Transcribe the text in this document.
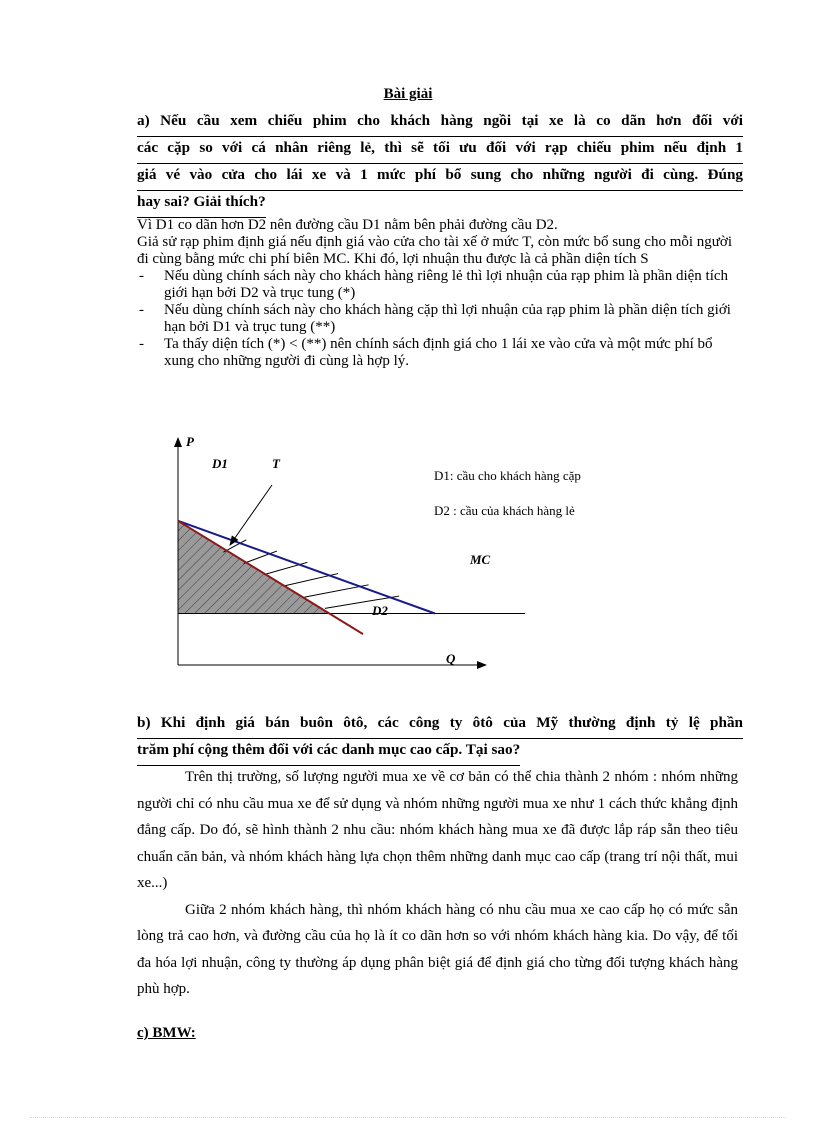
Bài giải
a) Nếu cầu xem chiếu phim cho khách hàng ngồi tại xe là co dãn hơn đối với
các cặp so với cá nhân riêng lẻ, thì sẽ tối ưu đối với rạp chiếu phim nếu định 1
giá vé vào cửa cho lái xe và 1 mức phí bổ sung cho những người đi cùng. Đúng
hay sai? Giải thích?

Vì D1 co dãn hơn D2 nên đường cầu D1 nằm bên phải đường cầu D2.

Giả sử rạp phim định giá nếu định giá vào cửa cho tài xế ở mức T, còn mức bổ sung cho mỗi người đi cùng bằng mức chi phí biên MC. Khi đó, lợi nhuận thu được là cả phần diện tích S

- Nếu dùng chính sách này cho khách hàng riêng lẻ thì lợi nhuận của rạp phim là phần diện tích giới hạn bởi D2 và trục tung (*)
- Nếu dùng chính sách này cho khách hàng cặp thì lợi nhuận của rạp phim là phần diện tích giới hạn bởi D1 và trục tung (**)
- Ta thấy diện tích (*) < (**) nên chính sách định giá cho 1 lái xe vào cửa và một mức phí bổ xung cho những người đi cùng là hợp lý.
P
Q
D1	T
MC
D2
D1: cầu cho khách hàng cặp
D2 : cầu của khách hàng lẻ
b) Khi định giá bán buôn ôtô, các công ty ôtô của Mỹ thường định tỷ lệ phần
trăm phí cộng thêm đối với các danh mục cao cấp. Tại sao?

Trên thị trường, số lượng người mua xe về cơ bản có thể chia thành 2 nhóm : nhóm những người chỉ có nhu cầu mua xe để sử dụng và nhóm những người mua xe như 1 cách thức khẳng định đẳng cấp. Do đó, sẽ hình thành 2 nhu cầu: nhóm khách hàng mua xe đã được lắp ráp sẵn theo tiêu chuẩn căn bản, và nhóm khách hàng lựa chọn thêm những danh mục cao cấp (trang trí nội thất, mui xe...)

Giữa 2 nhóm khách hàng, thì nhóm khách hàng có nhu cầu mua xe cao cấp họ có mức sẵn lòng trả cao hơn, và đường cầu của họ là ít co dãn hơn so với nhóm khách hàng kia. Do vậy, để tối đa hóa lợi nhuận, công ty thường áp dụng phân biệt giá để định giá cho từng đối tượng khách hàng phù hợp.

c) BMW:
